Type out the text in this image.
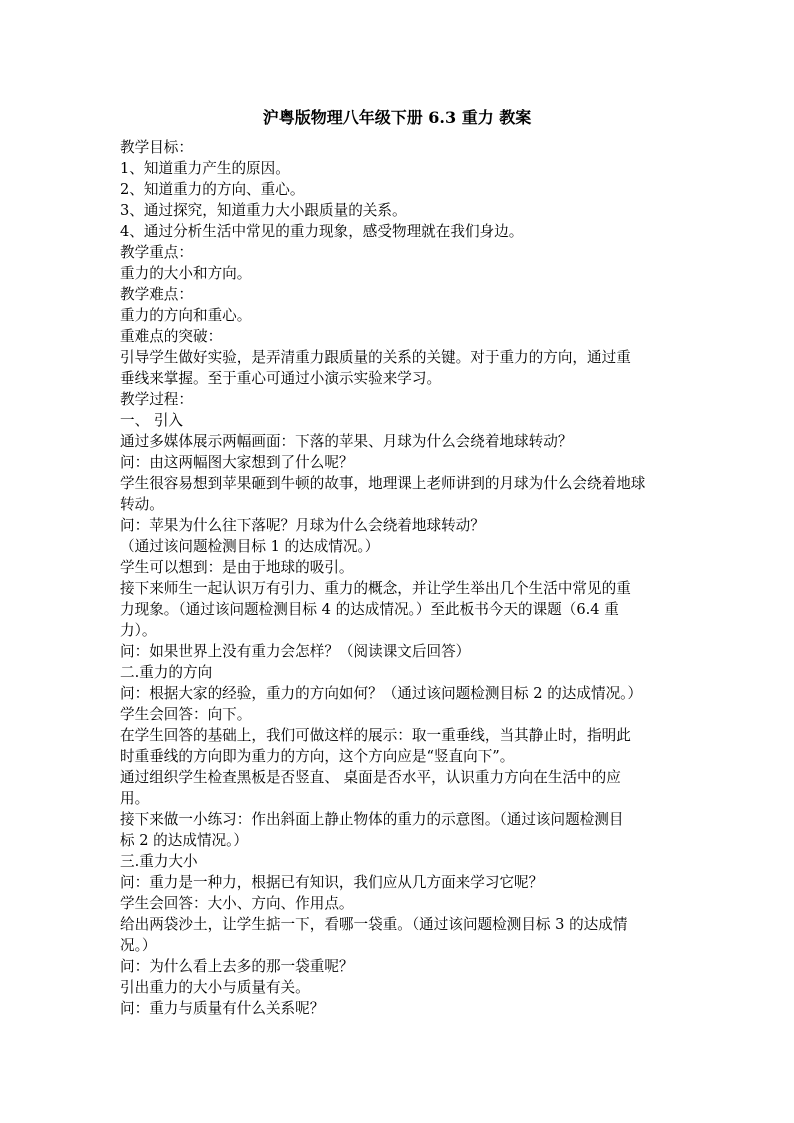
沪粤版物理八年级下册 6.3 重力 教案
教学目标：
1、知道重力产生的原因。
2、知道重力的方向、重心。
3、通过探究，知道重力大小跟质量的关系。
4、通过分析生活中常见的重力现象，感受物理就在我们身边。
教学重点：
重力的大小和方向。
教学难点：
重力的方向和重心。
重难点的突破：
引导学生做好实验，是弄清重力跟质量的关系的关键。对于重力的方向，通过重
垂线来掌握。至于重心可通过小演示实验来学习。
教学过程：
一、 引入
通过多媒体展示两幅画面：下落的苹果、月球为什么会绕着地球转动？
问：由这两幅图大家想到了什么呢？
学生很容易想到苹果砸到牛顿的故事，地理课上老师讲到的月球为什么会绕着地球
转动。
问：苹果为什么往下落呢？月球为什么会绕着地球转动？
（通过该问题检测目标 1 的达成情况。）
学生可以想到：是由于地球的吸引。
接下来师生一起认识万有引力、重力的概念，并让学生举出几个生活中常见的重
力现象。（通过该问题检测目标 4 的达成情况。）至此板书今天的课题（6.4 重
力）。
问：如果世界上没有重力会怎样？（阅读课文后回答）
二.重力的方向
问：根据大家的经验，重力的方向如何？（通过该问题检测目标 2 的达成情况。）
学生会回答：向下。
在学生回答的基础上，我们可做这样的展示：取一重垂线，当其静止时，指明此
时重垂线的方向即为重力的方向，这个方向应是“竖直向下”。
通过组织学生检查黑板是否竖直、 桌面是否水平，认识重力方向在生活中的应
用。
接下来做一小练习：作出斜面上静止物体的重力的示意图。（通过该问题检测目
标 2 的达成情况。）
三.重力大小
问：重力是一种力，根据已有知识，我们应从几方面来学习它呢？
学生会回答：大小、方向、作用点。
给出两袋沙土，让学生掂一下，看哪一袋重。（通过该问题检测目标 3 的达成情
况。）
问：为什么看上去多的那一袋重呢？
引出重力的大小与质量有关。
问：重力与质量有什么关系呢？
